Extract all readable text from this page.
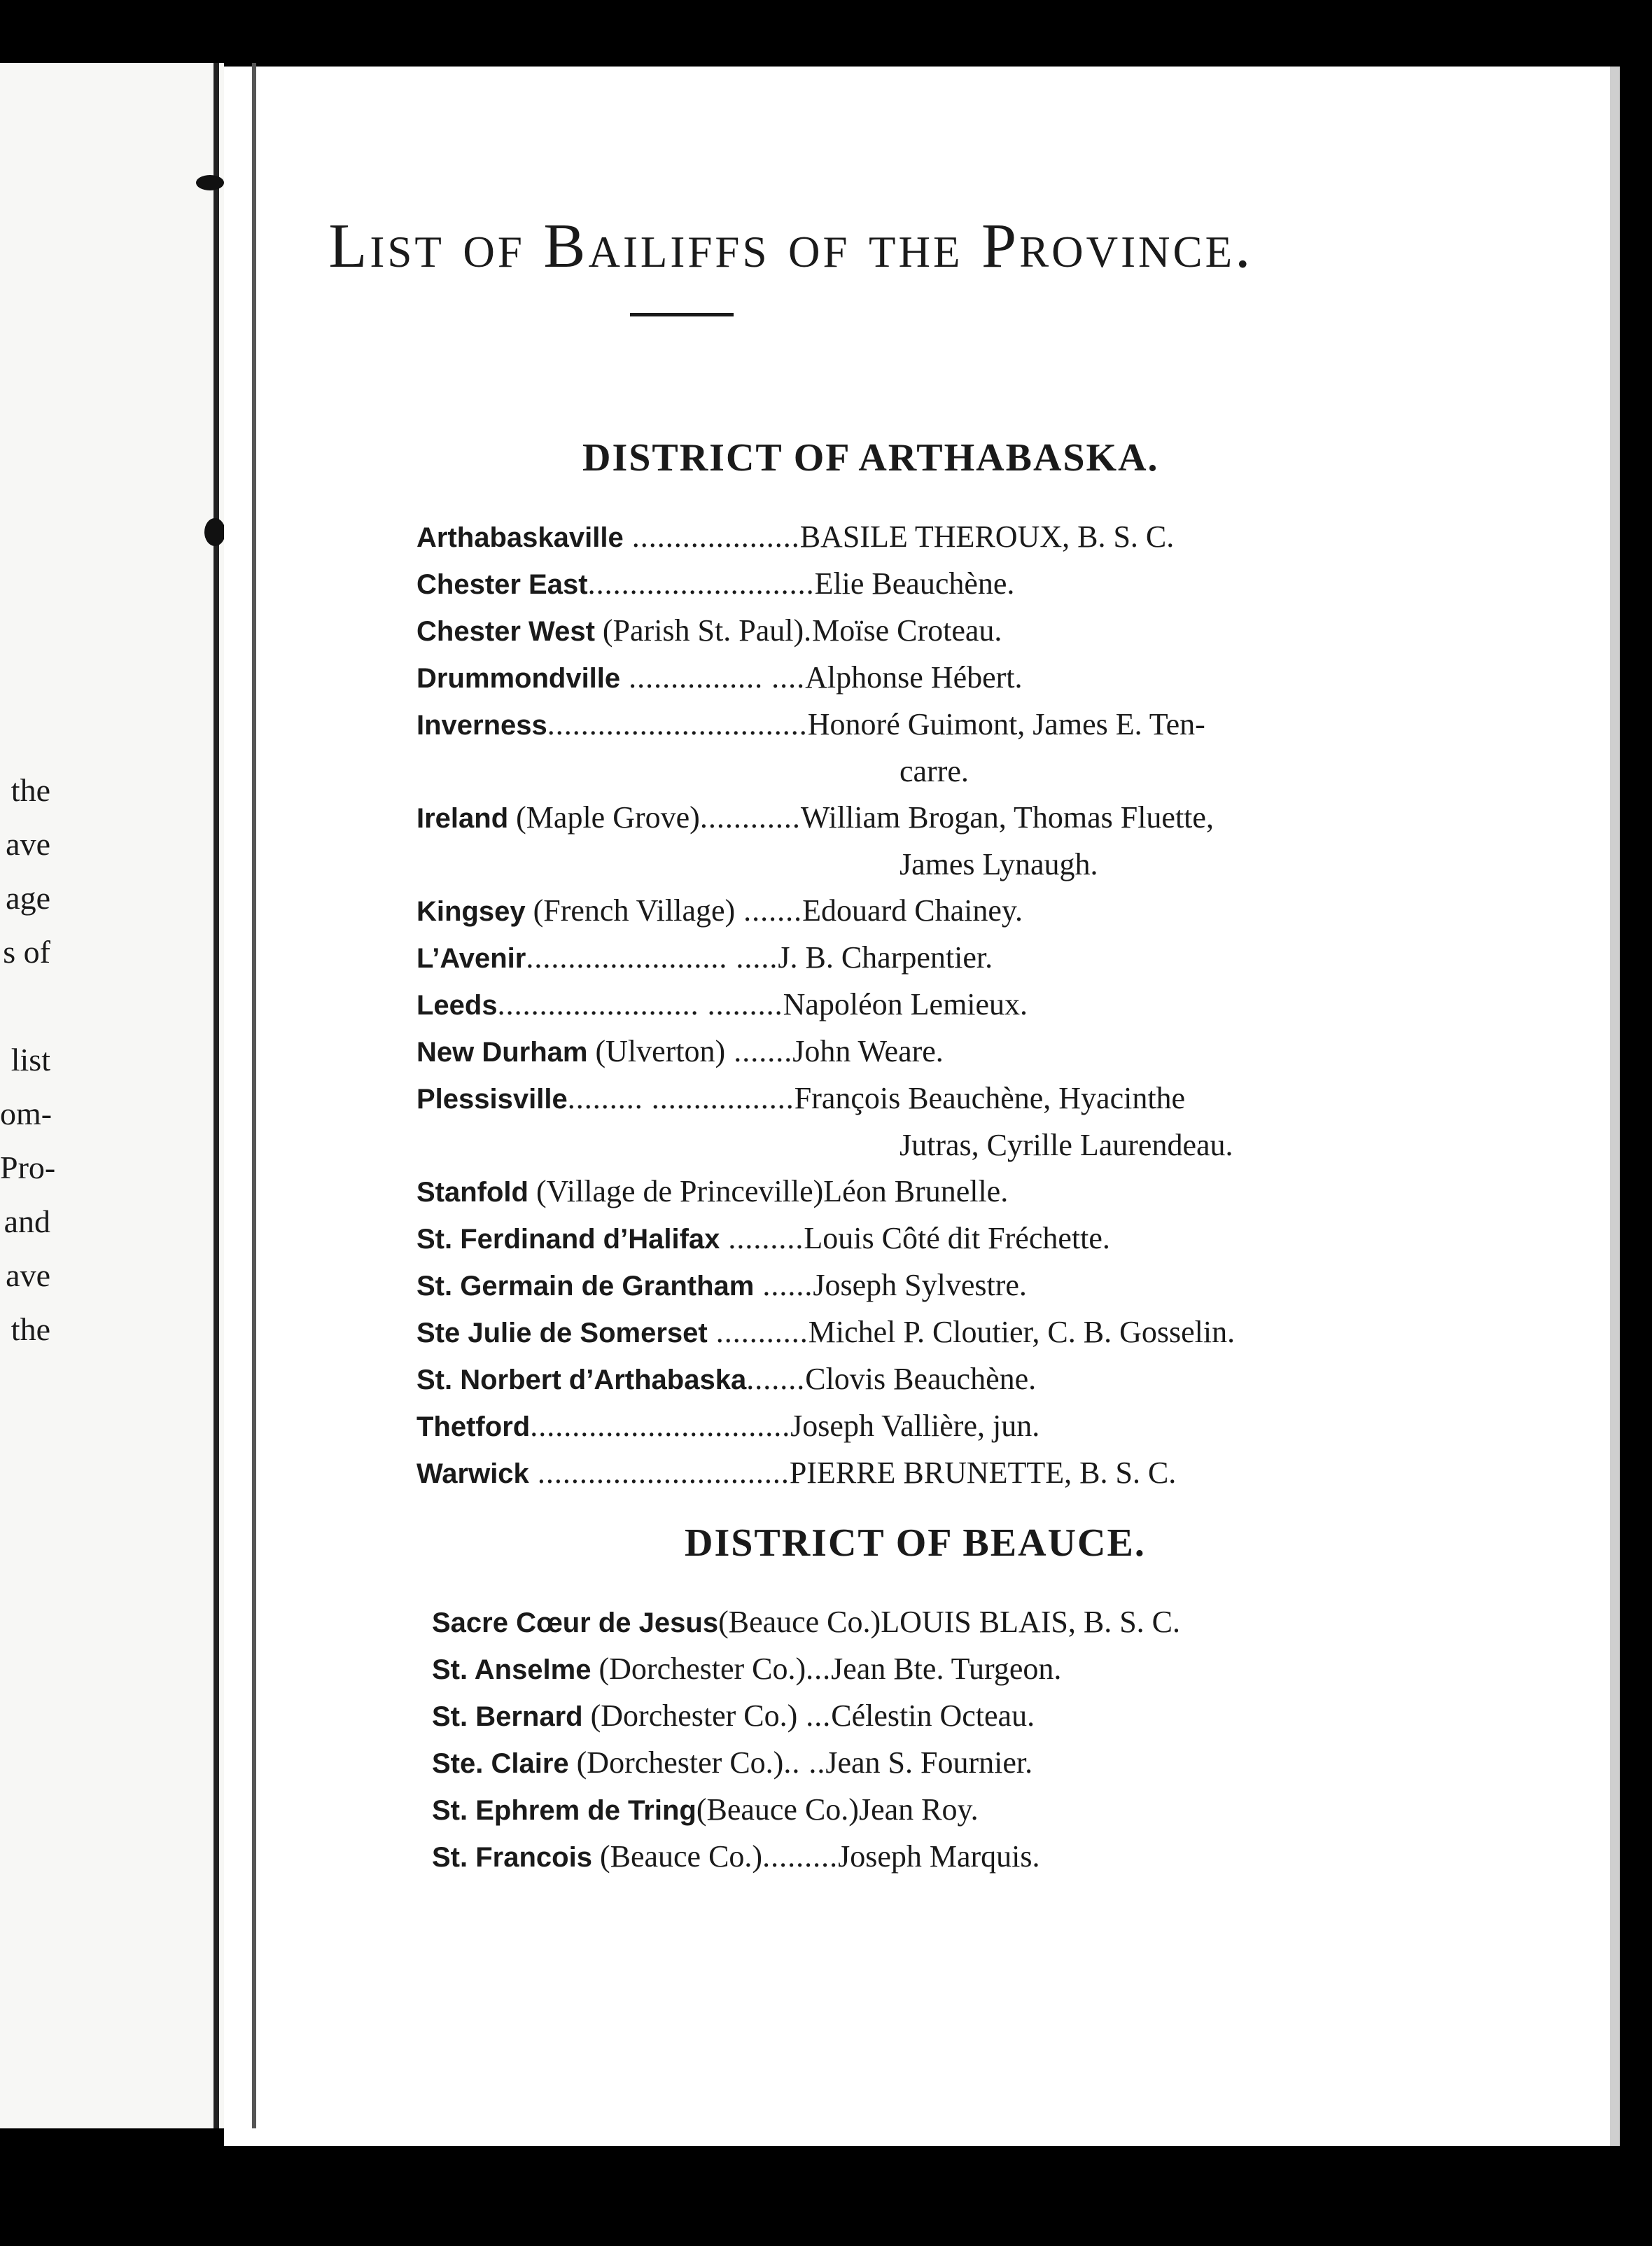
the
ave
age
s of
list
om-
Pro-
and
ave
the
List of Bailiffs of the Province.
DISTRICT OF ARTHABASKA.
Arthabaskaville ....................BASILE THEROUX, B. S. C.
Chester East...........................Elie Beauchène.
Chester West (Parish St. Paul).Moïse Croteau.
Drummondville ................ ....Alphonse Hébert.
Inverness...............................Honoré Guimont, James E. Ten-
carre.
Ireland (Maple Grove)............William Brogan, Thomas Fluette,
James Lynaugh.
Kingsey (French Village) .......Edouard Chainey.
L’Avenir........................ .....J. B. Charpentier.
Leeds........................ .........Napoléon Lemieux.
New Durham (Ulverton) .......John Weare.
Plessisville......... .................François Beauchène, Hyacinthe
Jutras, Cyrille Laurendeau.
Stanfold (Village de Princeville)Léon Brunelle.
St. Ferdinand d’Halifax .........Louis Côté dit Fréchette.
St. Germain de Grantham ......Joseph Sylvestre.
Ste Julie de Somerset ...........Michel P. Cloutier, C. B. Gosselin.
St. Norbert d’Arthabaska.......Clovis Beauchène.
Thetford...............................Joseph Vallière, jun.
Warwick ..............................PIERRE BRUNETTE, B. S. C.
DISTRICT OF BEAUCE.
Sacre Cœur de Jesus(Beauce Co.)LOUIS BLAIS, B. S. C.
St. Anselme (Dorchester Co.)...Jean Bte. Turgeon.
St. Bernard (Dorchester Co.) ...Célestin Octeau.
Ste. Claire (Dorchester Co.).. ..Jean S. Fournier.
St. Ephrem de Tring(Beauce Co.)Jean Roy.
St. Francois (Beauce Co.).........Joseph Marquis.
